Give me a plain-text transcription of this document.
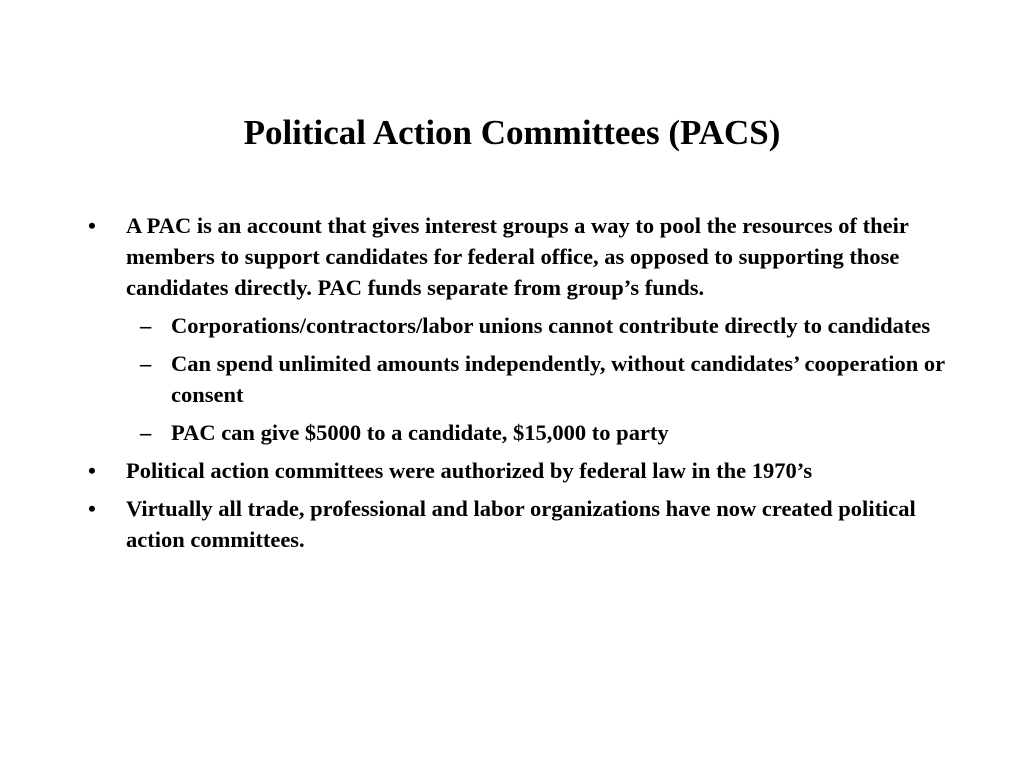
Political Action Committees (PACS)
• A PAC is an account that gives interest groups a way to pool the resources of their members to support candidates for federal office, as opposed to supporting those candidates directly. PAC funds separate from group’s funds.
– Corporations/contractors/labor unions cannot contribute directly to candidates
– Can spend unlimited amounts independently, without candidates’ cooperation or consent
– PAC can give $5000 to a candidate, $15,000 to party
• Political action committees were authorized by federal law in the 1970’s
• Virtually all trade, professional and labor organizations have now created political action committees.
